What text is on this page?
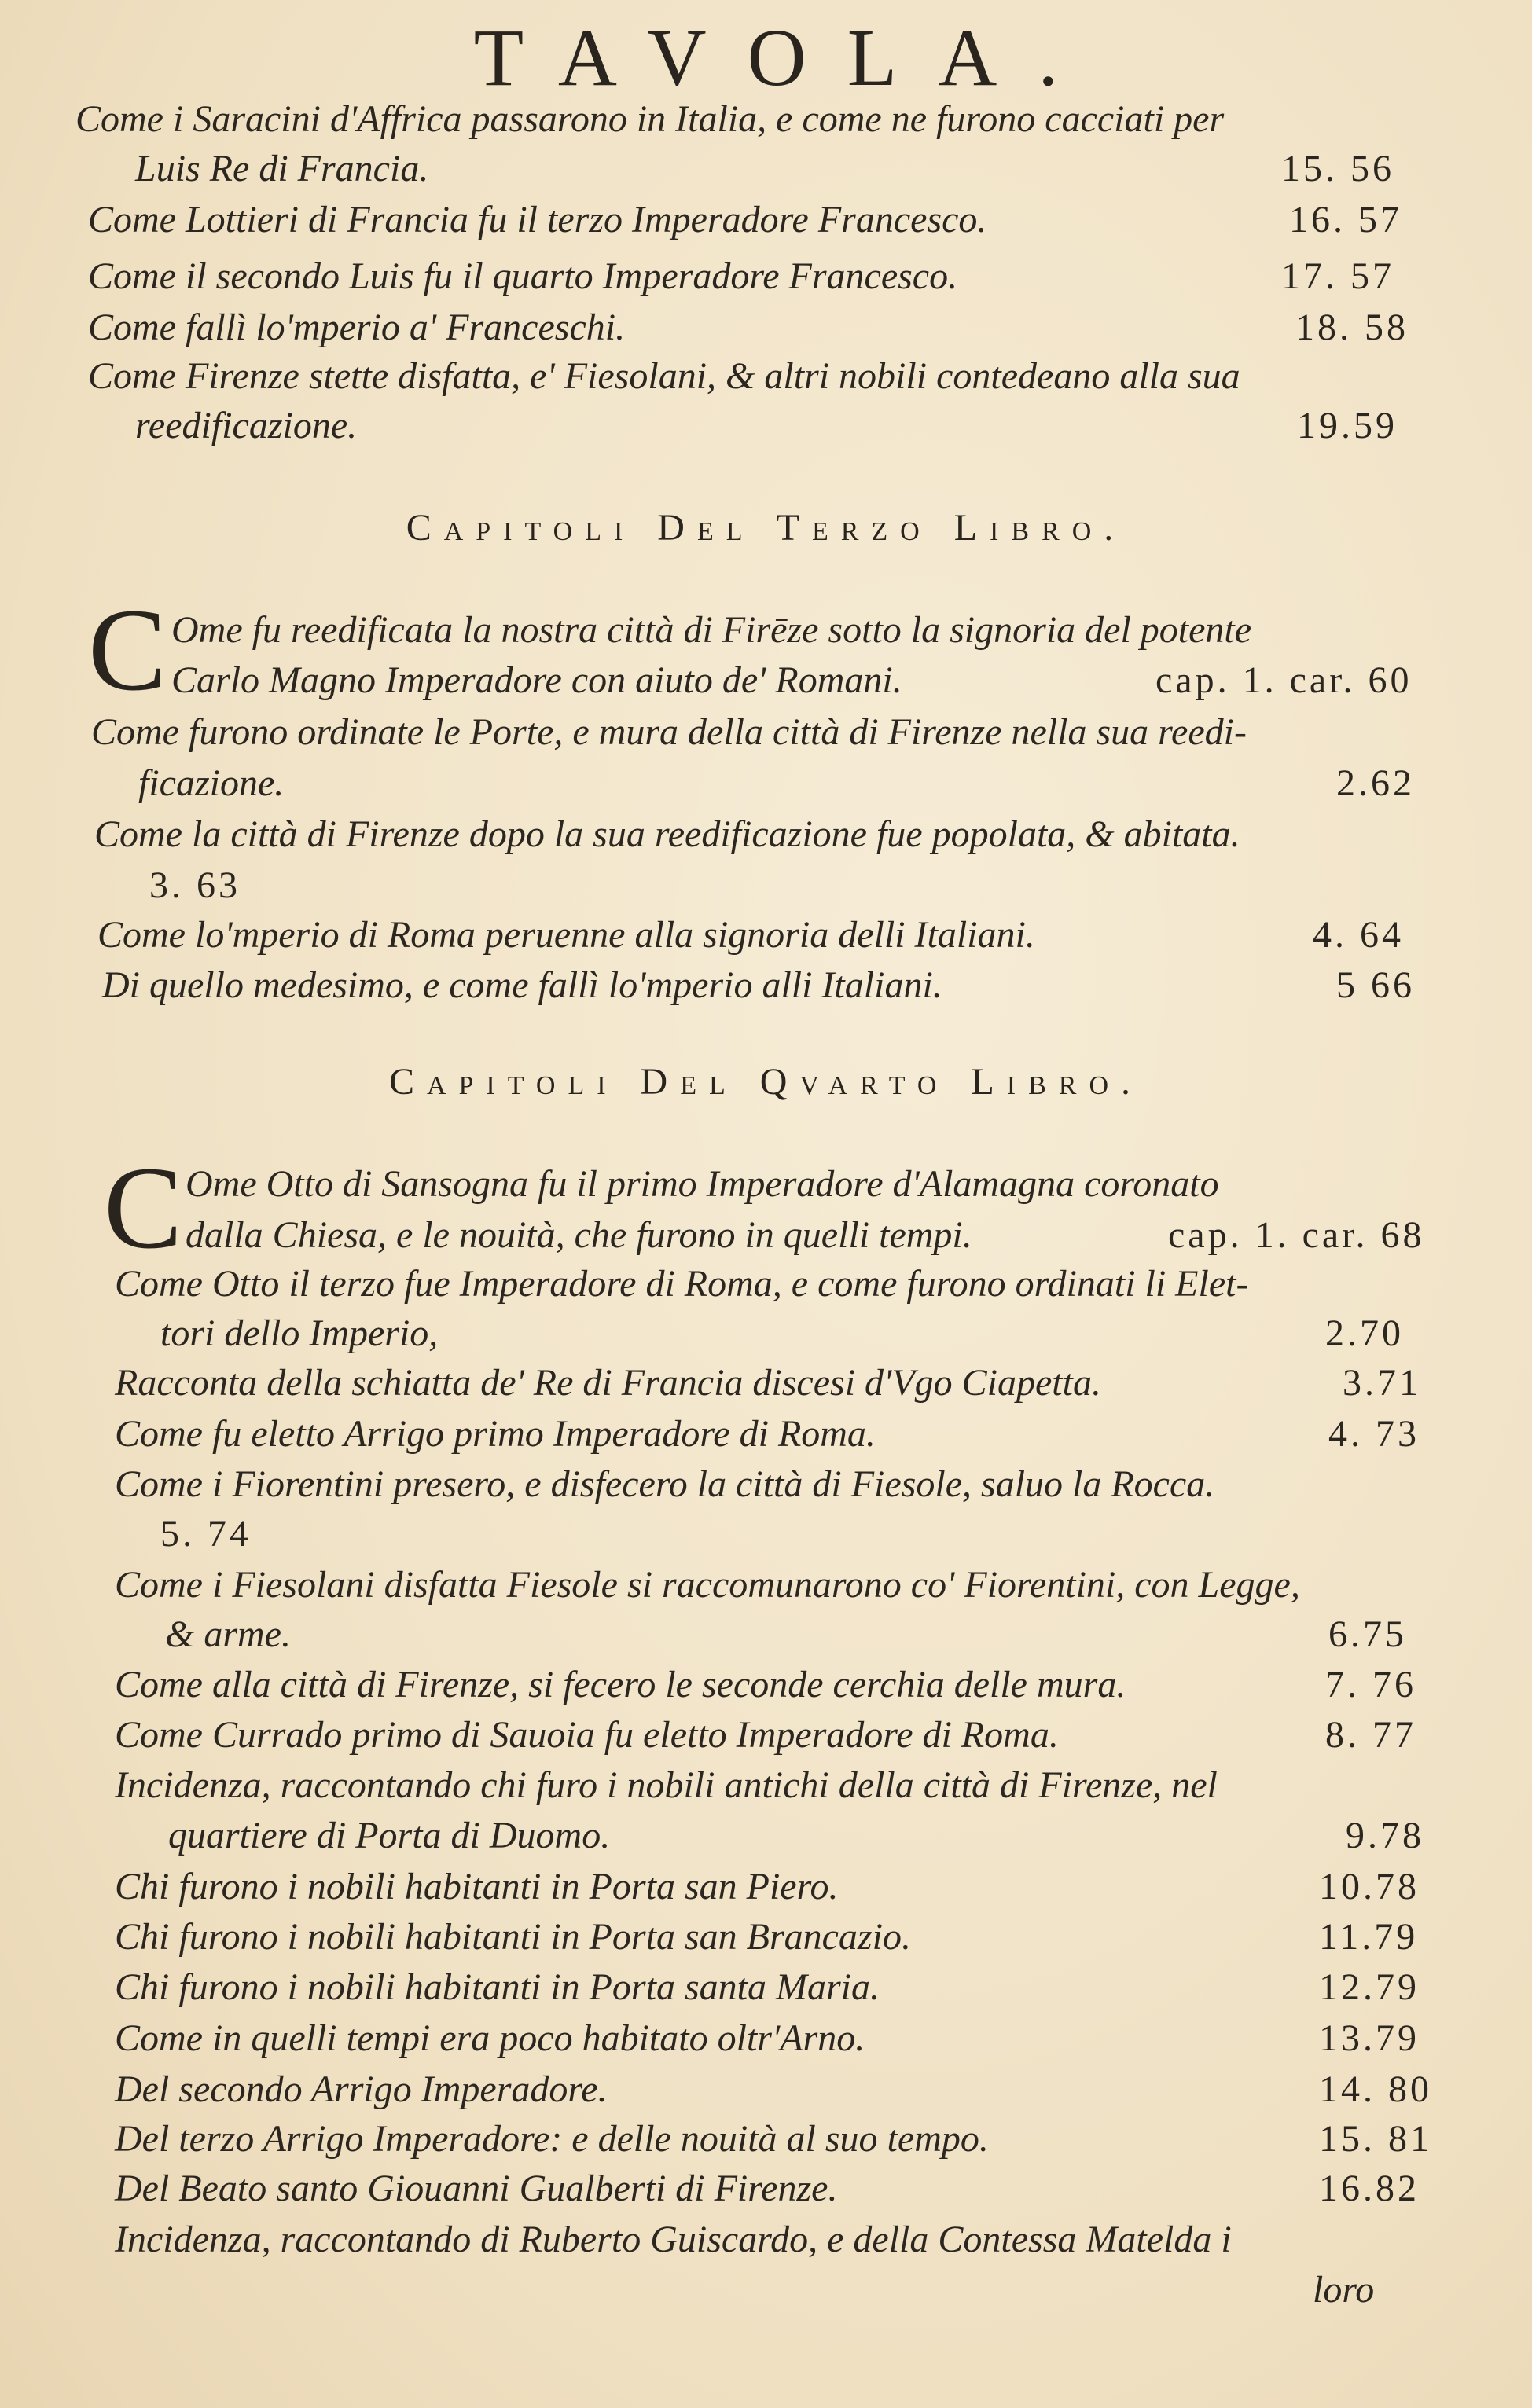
TAVOLA.
Come i Saracini d'Affrica passarono in Italia, e come ne furono cacciati per
Luis Re di Francia.	15. 56
Come Lottieri di Francia fu il terzo Imperadore Francesco.	16. 57
Come il secondo Luis fu il quarto Imperadore Francesco.	17. 57
Come fallì lo'mperio a' Franceschi.	18. 58
Come Firenze stette disfatta, e' Fiesolani, & altri nobili contedeano alla sua
reedificazione.	19.59
Capitoli Del Terzo Libro.
C Ome fu reedificata la nostra città di Firēze sotto la signoria del potente
Carlo Magno Imperadore con aiuto de' Romani.	cap. 1. car. 60
Come furono ordinate le Porte, e mura della città di Firenze nella sua reedi-
ficazione.	2.62
Come la città di Firenze dopo la sua reedificazione fue popolata, & abitata.
3. 63
Come lo'mperio di Roma peruenne alla signoria delli Italiani.	4. 64
Di quello medesimo, e come fallì lo'mperio alli Italiani.	5 66
Capitoli Del Qvarto Libro.
C Ome Otto di Sansogna fu il primo Imperadore d'Alamagna coronato
dalla Chiesa, e le nouità, che furono in quelli tempi.	cap. 1. car. 68
Come Otto il terzo fue Imperadore di Roma, e come furono ordinati li Elet-
tori dello Imperio,	2.70
Racconta della schiatta de' Re di Francia discesi d'Vgo Ciapetta.	3.71
Come fu eletto Arrigo primo Imperadore di Roma.	4. 73
Come i Fiorentini presero, e disfecero la città di Fiesole, saluo la Rocca.
5. 74
Come i Fiesolani disfatta Fiesole si raccomunarono co' Fiorentini, con Legge,
& arme.	6.75
Come alla città di Firenze, si fecero le seconde cerchia delle mura.	7. 76
Come Currado primo di Sauoia fu eletto Imperadore di Roma.	8. 77
Incidenza, raccontando chi furo i nobili antichi della città di Firenze, nel
quartiere di Porta di Duomo.	9.78
Chi furono i nobili habitanti in Porta san Piero.	10.78
Chi furono i nobili habitanti in Porta san Brancazio.	11.79
Chi furono i nobili habitanti in Porta santa Maria.	12.79
Come in quelli tempi era poco habitato oltr'Arno.	13.79
Del secondo Arrigo Imperadore.	14. 80
Del terzo Arrigo Imperadore: e delle nouità al suo tempo.	15. 81
Del Beato santo Giouanni Gualberti di Firenze.	16.82
Incidenza, raccontando di Ruberto Guiscardo, e della Contessa Matelda i
loro
